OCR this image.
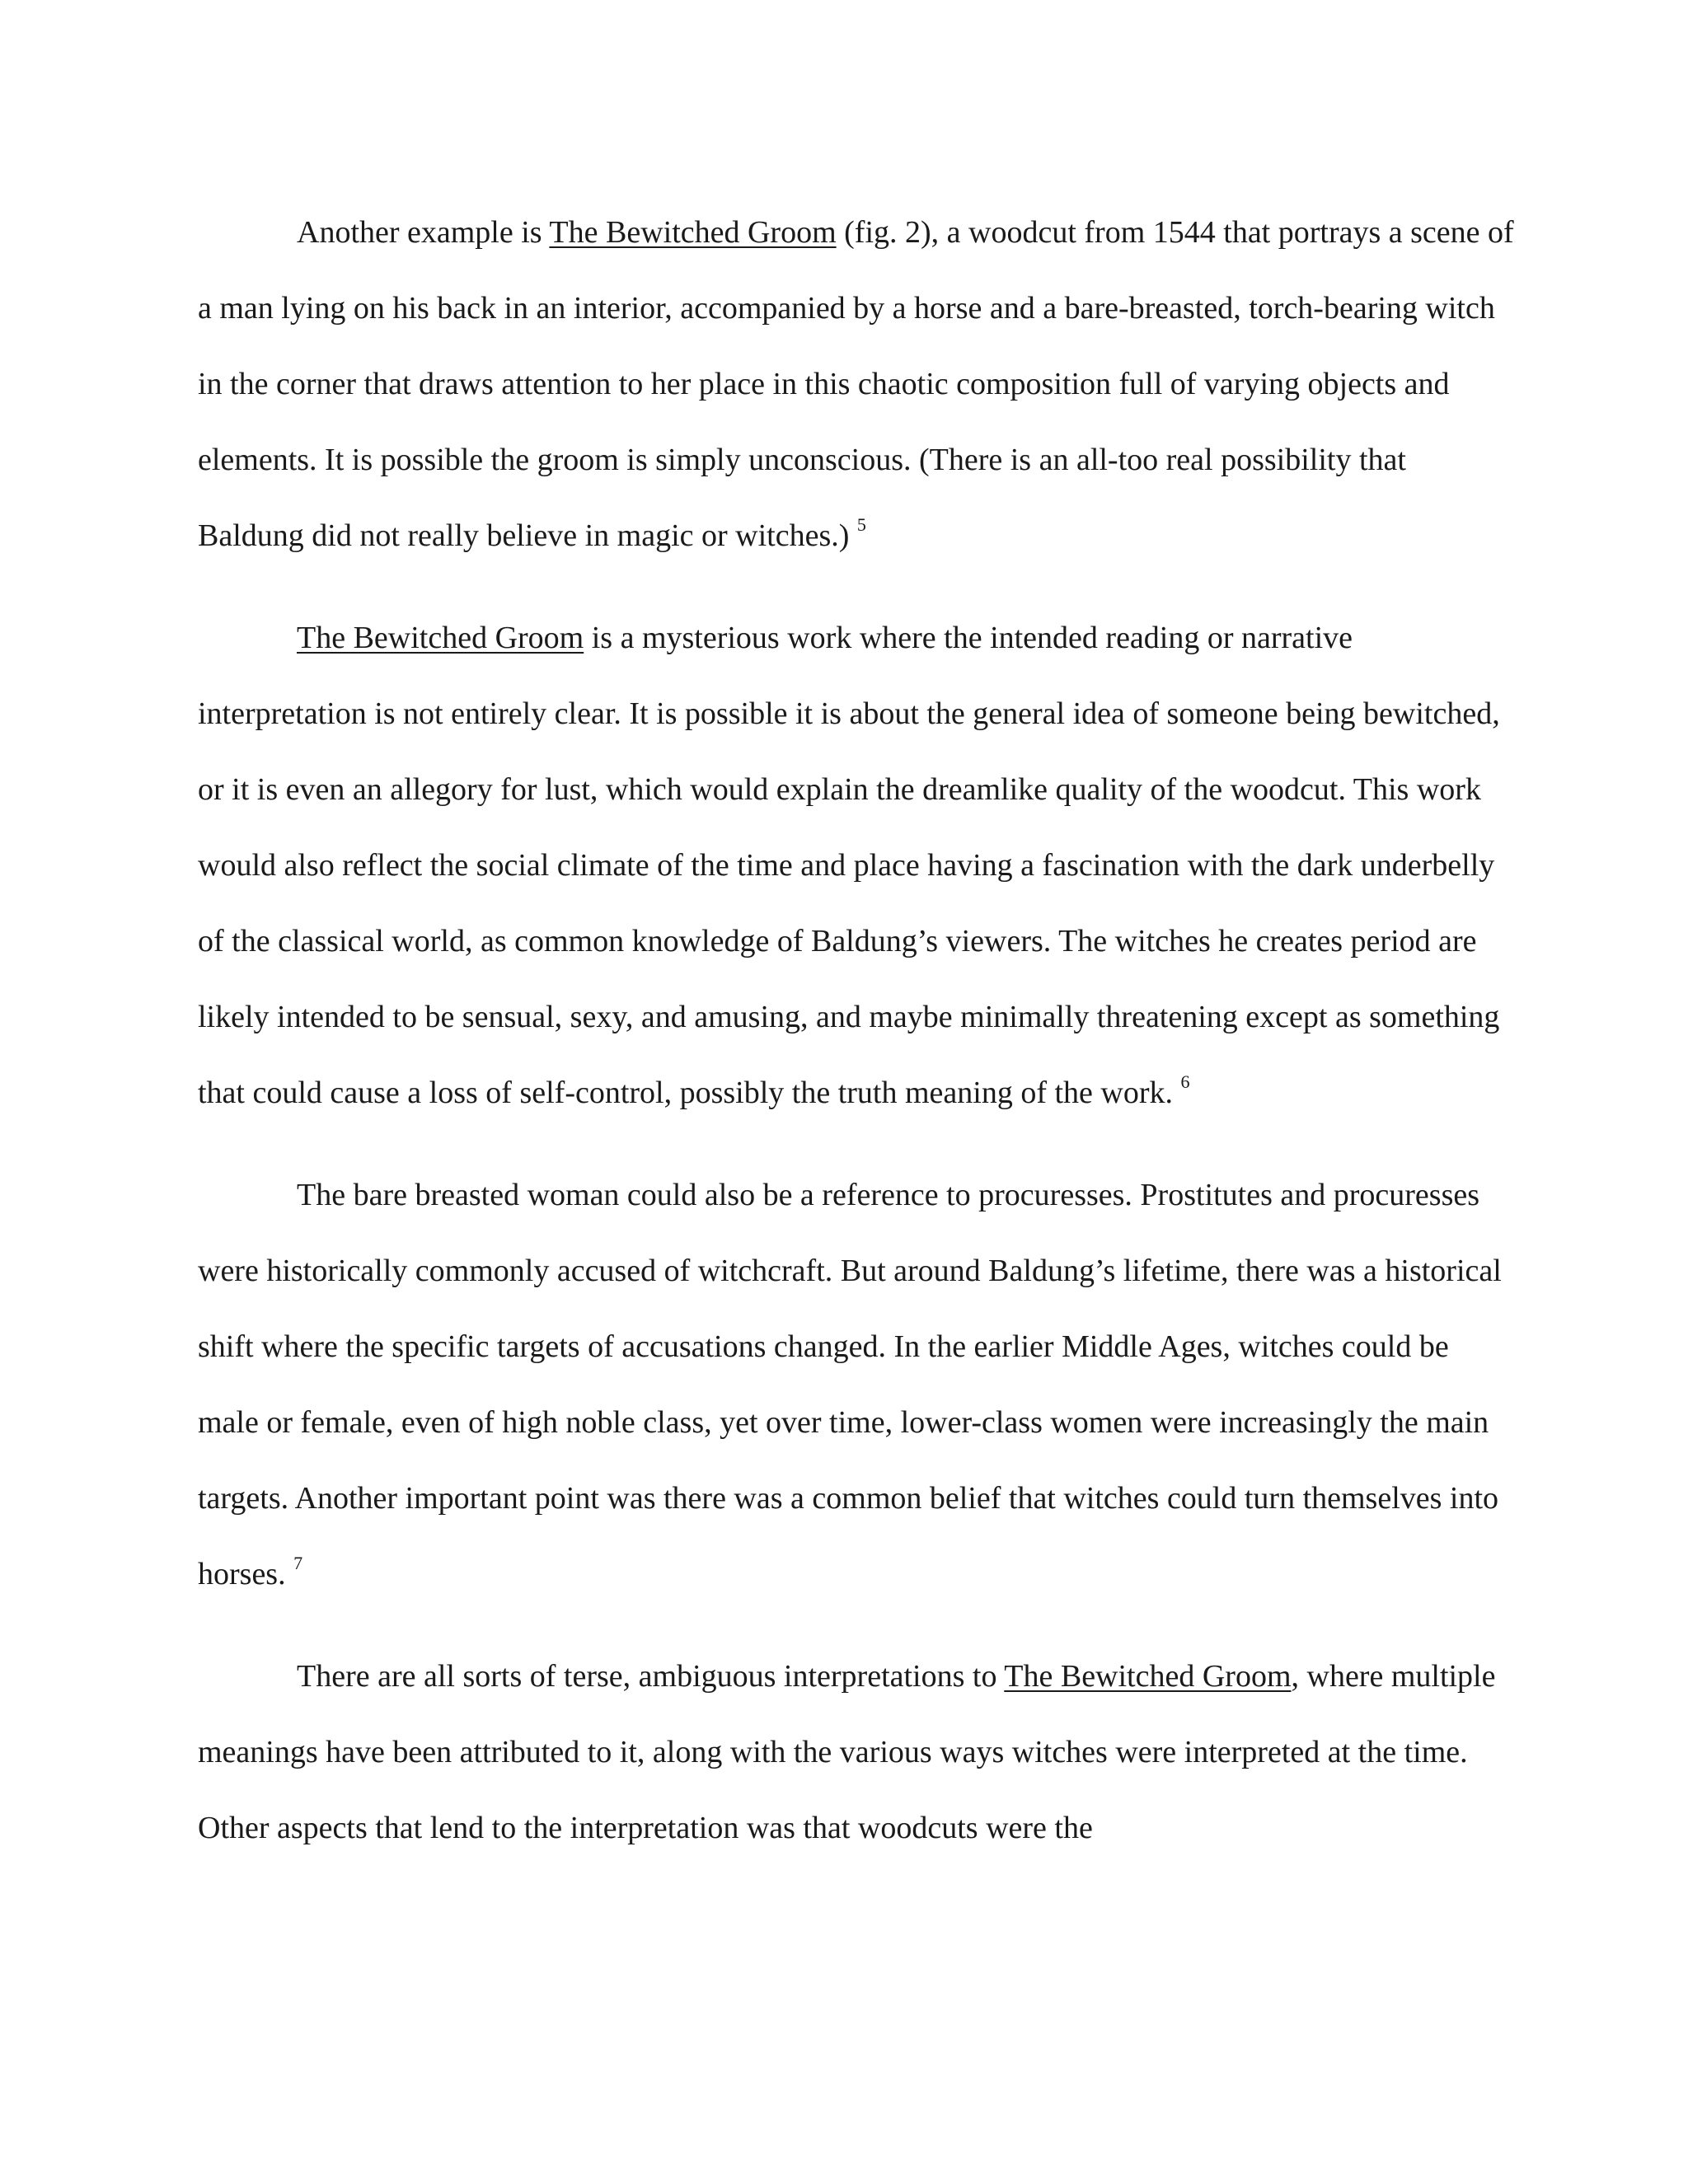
Another example is The Bewitched Groom (fig. 2), a woodcut from 1544 that portrays a scene of a man lying on his back in an interior, accompanied by a horse and a bare-breasted, torch-bearing witch in the corner that draws attention to her place in this chaotic composition full of varying objects and elements. It is possible the groom is simply unconscious. (There is an all-too real possibility that Baldung did not really believe in magic or witches.) $^5$

The Bewitched Groom is a mysterious work where the intended reading or narrative interpretation is not entirely clear. It is possible it is about the general idea of someone being bewitched, or it is even an allegory for lust, which would explain the dreamlike quality of the woodcut. This work would also reflect the social climate of the time and place having a fascination with the dark underbelly of the classical world, as common knowledge of Baldung’s viewers. The witches he creates period are likely intended to be sensual, sexy, and amusing, and maybe minimally threatening except as something that could cause a loss of self-control, possibly the truth meaning of the work. $^6$

The bare breasted woman could also be a reference to procuresses. Prostitutes and procuresses were historically commonly accused of witchcraft. But around Baldung’s lifetime, there was a historical shift where the specific targets of accusations changed. In the earlier Middle Ages, witches could be male or female, even of high noble class, yet over time, lower-class women were increasingly the main targets. Another important point was there was a common belief that witches could turn themselves into horses. $^7$

There are all sorts of terse, ambiguous interpretations to The Bewitched Groom, where multiple meanings have been attributed to it, along with the various ways witches were interpreted at the time. Other aspects that lend to the interpretation was that woodcuts were the
